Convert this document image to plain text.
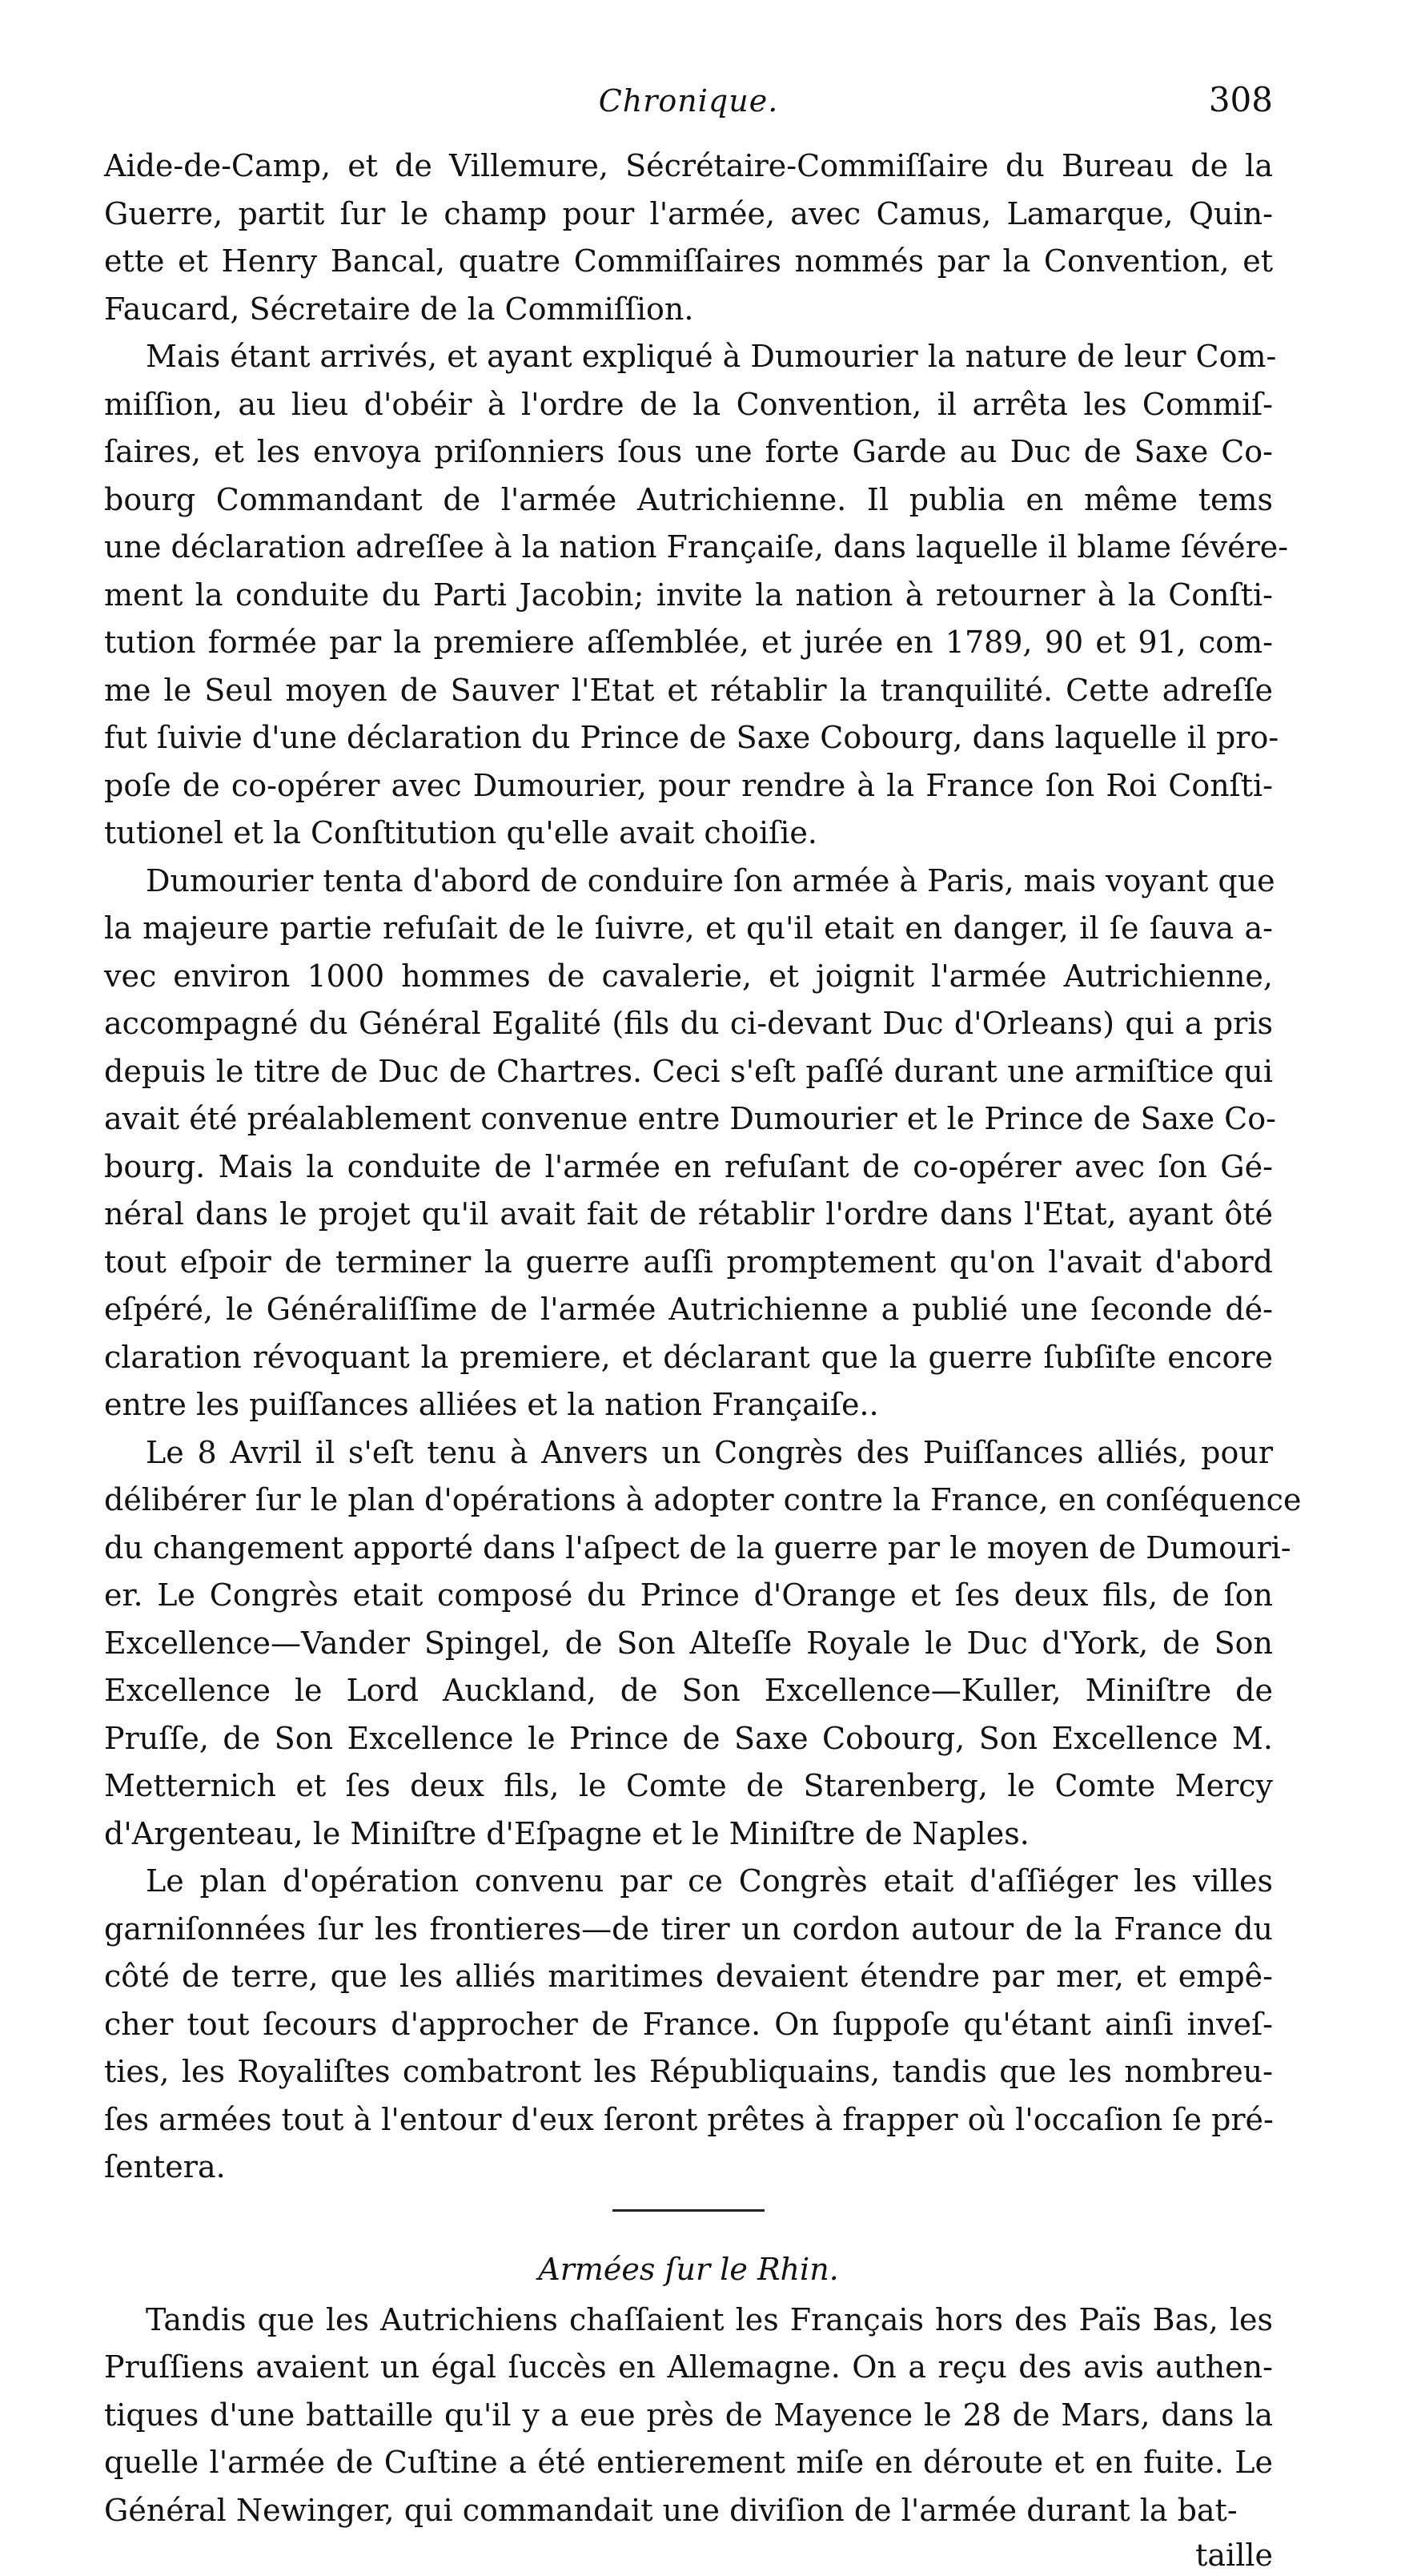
Chronique.	308

Aide-de-Camp, et de Villemure, Sécrétaire-Commiſſaire du Bureau de la
Guerre, partit ſur le champ pour l'armée, avec Camus, Lamarque, Quin-
ette et Henry Bancal, quatre Commiſſaires nommés par la Convention, et
Faucard, Sécretaire de la Commiſſion.

Mais étant arrivés, et ayant expliqué à Dumourier la nature de leur Com-
miſſion, au lieu d'obéir à l'ordre de la Convention, il arrêta les Commiſ-
ſaires, et les envoya priſonniers ſous une forte Garde au Duc de Saxe Co-
bourg Commandant de l'armée Autrichienne. Il publia en même tems
une déclaration adreſſee à la nation Françaiſe, dans laquelle il blame ſévére-
ment la conduite du Parti Jacobin; invite la nation à retourner à la Conſti-
tution formée par la premiere aſſemblée, et jurée en 1789, 90 et 91, com-
me le Seul moyen de Sauver l'Etat et rétablir la tranquilité. Cette adreſſe
fut ſuivie d'une déclaration du Prince de Saxe Cobourg, dans laquelle il pro-
poſe de co-opérer avec Dumourier, pour rendre à la France ſon Roi Conſti-
tutionel et la Conſtitution qu'elle avait choiſie.

Dumourier tenta d'abord de conduire ſon armée à Paris, mais voyant que
la majeure partie refuſait de le ſuivre, et qu'il etait en danger, il ſe ſauva a-
vec environ 1000 hommes de cavalerie, et joignit l'armée Autrichienne,
accompagné du Général Egalité (fils du ci-devant Duc d'Orleans) qui a pris
depuis le titre de Duc de Chartres. Ceci s'eſt paſſé durant une armiſtice qui
avait été préalablement convenue entre Dumourier et le Prince de Saxe Co-
bourg. Mais la conduite de l'armée en refuſant de co-opérer avec ſon Gé-
néral dans le projet qu'il avait fait de rétablir l'ordre dans l'Etat, ayant ôté
tout eſpoir de terminer la guerre auſſi promptement qu'on l'avait d'abord
eſpéré, le Généraliſſime de l'armée Autrichienne a publié une ſeconde dé-
claration révoquant la premiere, et déclarant que la guerre ſubſiſte encore
entre les puiſſances alliées et la nation Françaiſe..

Le 8 Avril il s'eſt tenu à Anvers un Congrès des Puiſſances alliés, pour
délibérer ſur le plan d'opérations à adopter contre la France, en conſéquence
du changement apporté dans l'aſpect de la guerre par le moyen de Dumouri-
er. Le Congrès etait composé du Prince d'Orange et ſes deux fils, de ſon
Excellence—Vander Spingel, de Son Alteſſe Royale le Duc d'York, de Son
Excellence le Lord Auckland, de Son Excellence—Kuller, Miniſtre de
Pruſſe, de Son Excellence le Prince de Saxe Cobourg, Son Excellence M.
Metternich et ſes deux fils, le Comte de Starenberg, le Comte Mercy
d'Argenteau, le Miniſtre d'Eſpagne et le Miniſtre de Naples.

Le plan d'opération convenu par ce Congrès etait d'aſſiéger les villes
garniſonnées ſur les frontieres—de tirer un cordon autour de la France du
côté de terre, que les alliés maritimes devaient étendre par mer, et empê-
cher tout ſecours d'approcher de France. On ſuppoſe qu'étant ainſi inveſ-
ties, les Royaliſtes combatront les Républiquains, tandis que les nombreu-
ſes armées tout à l'entour d'eux ſeront prêtes à frapper où l'occaſion ſe pré-
ſentera.

Armées ſur le Rhin.

Tandis que les Autrichiens chaſſaient les Français hors des Païs Bas, les
Pruſſiens avaient un égal ſuccès en Allemagne. On a reçu des avis authen-
tiques d'une battaille qu'il y a eue près de Mayence le 28 de Mars, dans la
quelle l'armée de Cuſtine a été entierement miſe en déroute et en fuite. Le
Général Newinger, qui commandait une diviſion de l'armée durant la bat-

taille
